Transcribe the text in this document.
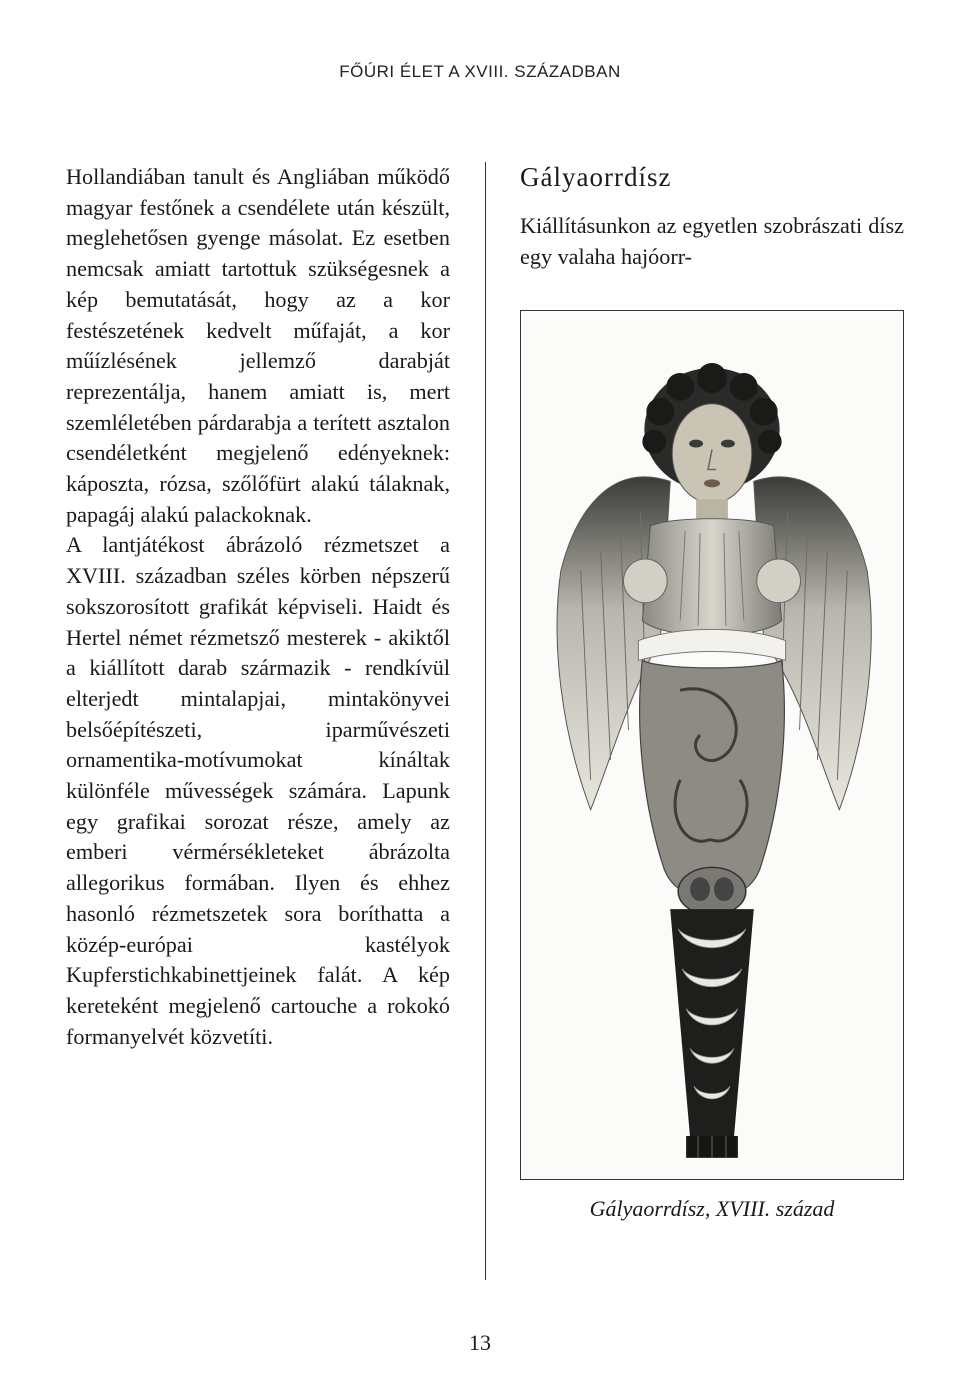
FŐÚRI ÉLET A XVIII. SZÁZADBAN

Hollandiában tanult és Angliában működő magyar festőnek a csendélete után készült, meglehetősen gyenge másolat. Ez esetben nemcsak amiatt tartottuk szükségesnek a kép bemutatását, hogy az a kor festészetének kedvelt műfaját, a kor műízlésének jellemző darabját reprezentálja, hanem amiatt is, mert szemléletében párdarabja a terített asztalon csendéletként megjelenő edényeknek: káposzta, rózsa, szőlőfürt alakú tálaknak, papagáj alakú palackoknak.

A lantjátékost ábrázoló rézmetszet a XVIII. században széles körben népszerű sokszorosított grafikát képviseli. Haidt és Hertel német rézmetsző mesterek - akiktől a kiállított darab származik - rendkívül elterjedt mintalapjai, mintakönyvei belsőépítészeti, iparművészeti ornamentika-motívumokat kínáltak különféle művességek számára. Lapunk egy grafikai sorozat része, amely az emberi vérmérsékleteket ábrázolta allegorikus formában. Ilyen és ehhez hasonló rézmetszetek sora boríthatta a közép-európai kastélyok Kupferstichkabinettjeinek falát. A kép kereteként megjelenő cartouche a rokokó formanyelvét közvetíti.

Gályaorrdísz

Kiállításunkon az egyetlen szobrászati dísz egy valaha hajóorr-

Gályaorrdísz, XVIII. század
13
